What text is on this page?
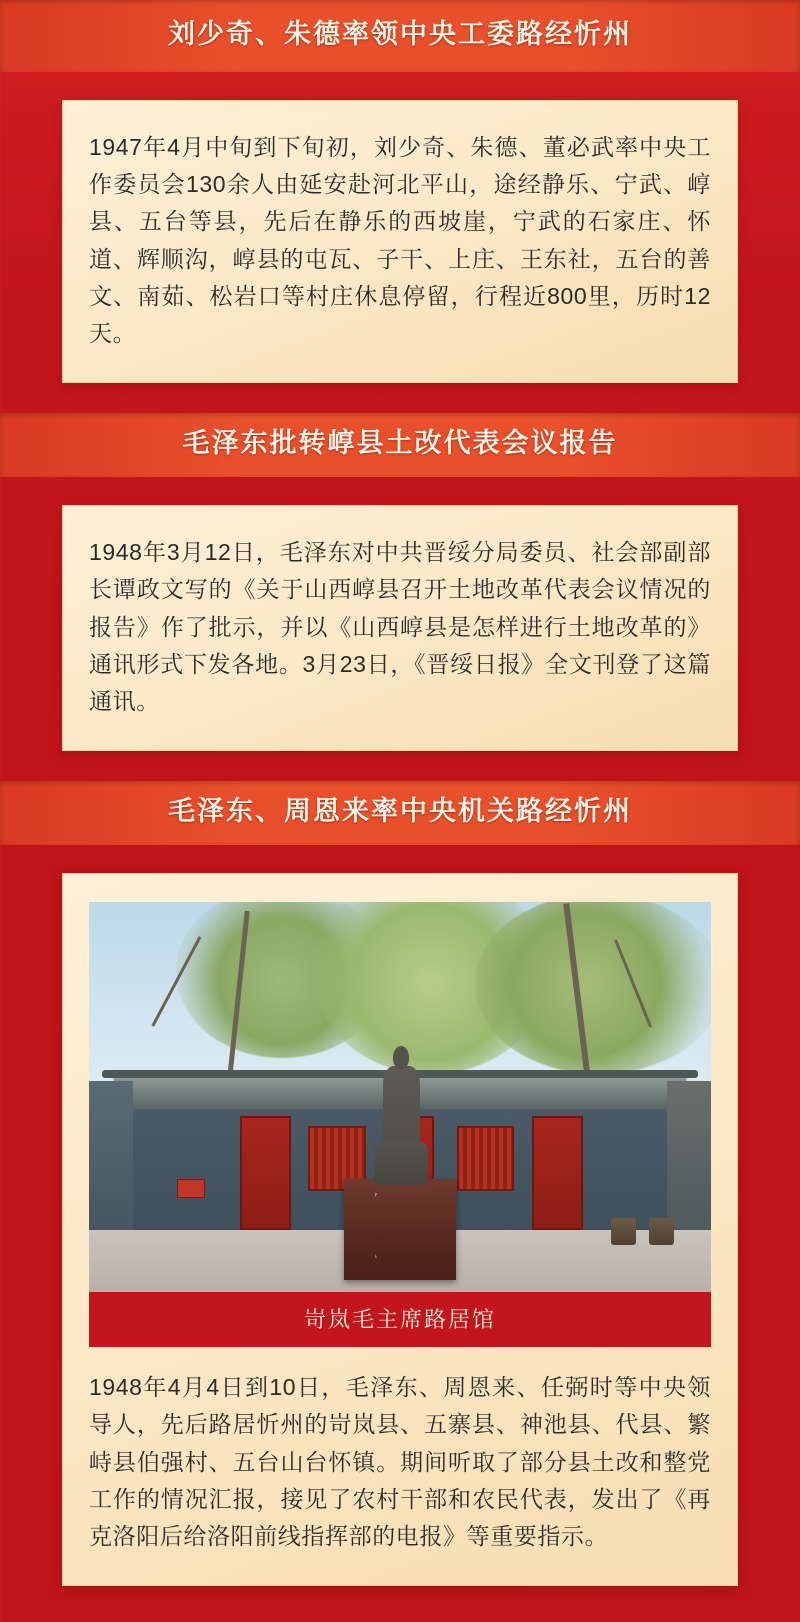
刘少奇、朱德率领中央工委路经忻州

1947年4月中旬到下旬初，刘少奇、朱德、董必武率中央工作委员会130余人由延安赴河北平山，途经静乐、宁武、崞县、五台等县，先后在静乐的西坡崖，宁武的石家庄、怀道、辉顺沟，崞县的屯瓦、子干、上庄、王东社，五台的善文、南茹、松岩口等村庄休息停留，行程近800里，历时12天。

毛泽东批转崞县土改代表会议报告

1948年3月12日，毛泽东对中共晋绥分局委员、社会部副部长谭政文写的《关于山西崞县召开土地改革代表会议情况的报告》作了批示，并以《山西崞县是怎样进行土地改革的》通讯形式下发各地。3月23日，《晋绥日报》全文刊登了这篇通讯。

毛泽东、周恩来率中央机关路经忻州
岢岚毛主席路居馆

1948年4月4日到10日，毛泽东、周恩来、任弼时等中央领导人，先后路居忻州的岢岚县、五寨县、神池县、代县、繁峙县伯强村、五台山台怀镇。期间听取了部分县土改和整党工作的情况汇报，接见了农村干部和农民代表，发出了《再克洛阳后给洛阳前线指挥部的电报》等重要指示。
